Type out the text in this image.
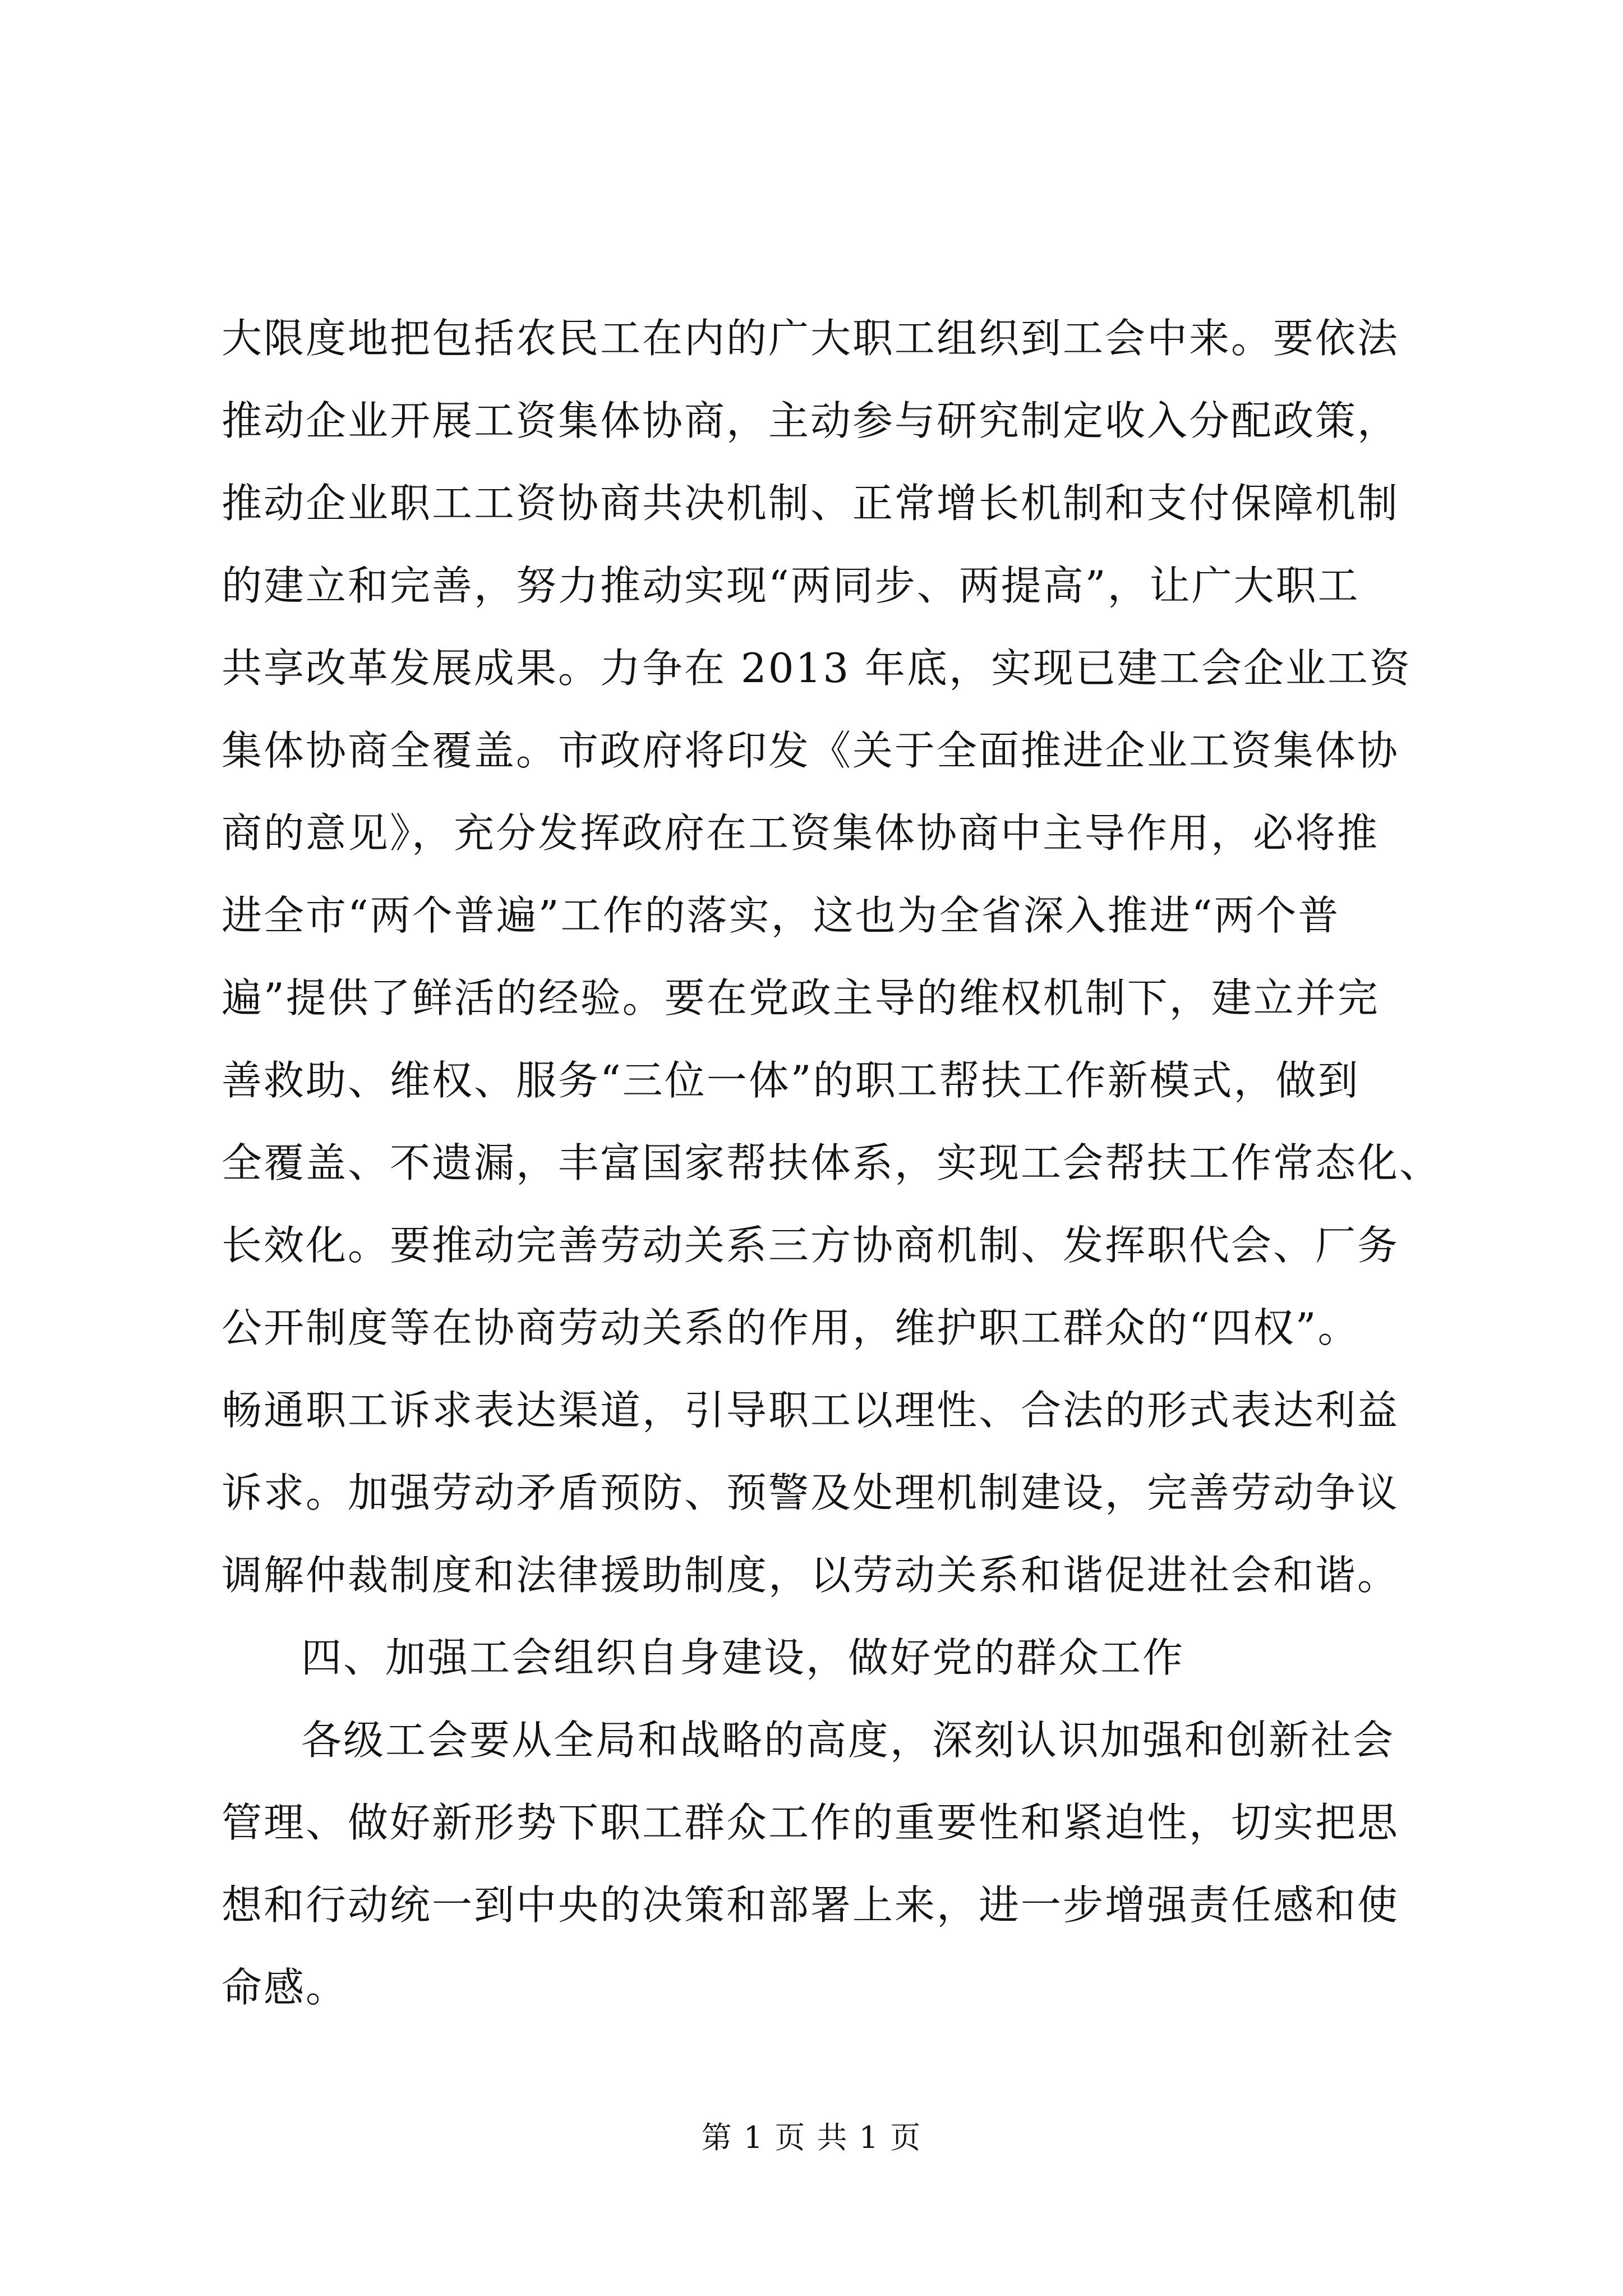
大限度地把包括农民工在内的广大职工组织到工会中来。要依法
推动企业开展工资集体协商，主动参与研究制定收入分配政策，
推动企业职工工资协商共决机制、正常增长机制和支付保障机制
的建立和完善，努力推动实现“两同步、两提高”，让广大职工
共享改革发展成果。力争在 2013 年底，实现已建工会企业工资
集体协商全覆盖。市政府将印发《关于全面推进企业工资集体协
商的意见》，充分发挥政府在工资集体协商中主导作用，必将推
进全市“两个普遍”工作的落实，这也为全省深入推进“两个普
遍”提供了鲜活的经验。要在党政主导的维权机制下，建立并完
善救助、维权、服务“三位一体”的职工帮扶工作新模式，做到
全覆盖、不遗漏，丰富国家帮扶体系，实现工会帮扶工作常态化、
长效化。要推动完善劳动关系三方协商机制、发挥职代会、厂务
公开制度等在协商劳动关系的作用，维护职工群众的“四权”。
畅通职工诉求表达渠道，引导职工以理性、合法的形式表达利益
诉求。加强劳动矛盾预防、预警及处理机制建设，完善劳动争议
调解仲裁制度和法律援助制度，以劳动关系和谐促进社会和谐。
四、加强工会组织自身建设，做好党的群众工作
各级工会要从全局和战略的高度，深刻认识加强和创新社会
管理、做好新形势下职工群众工作的重要性和紧迫性，切实把思
想和行动统一到中央的决策和部署上来，进一步增强责任感和使
命感。
第 1 页 共 1 页
